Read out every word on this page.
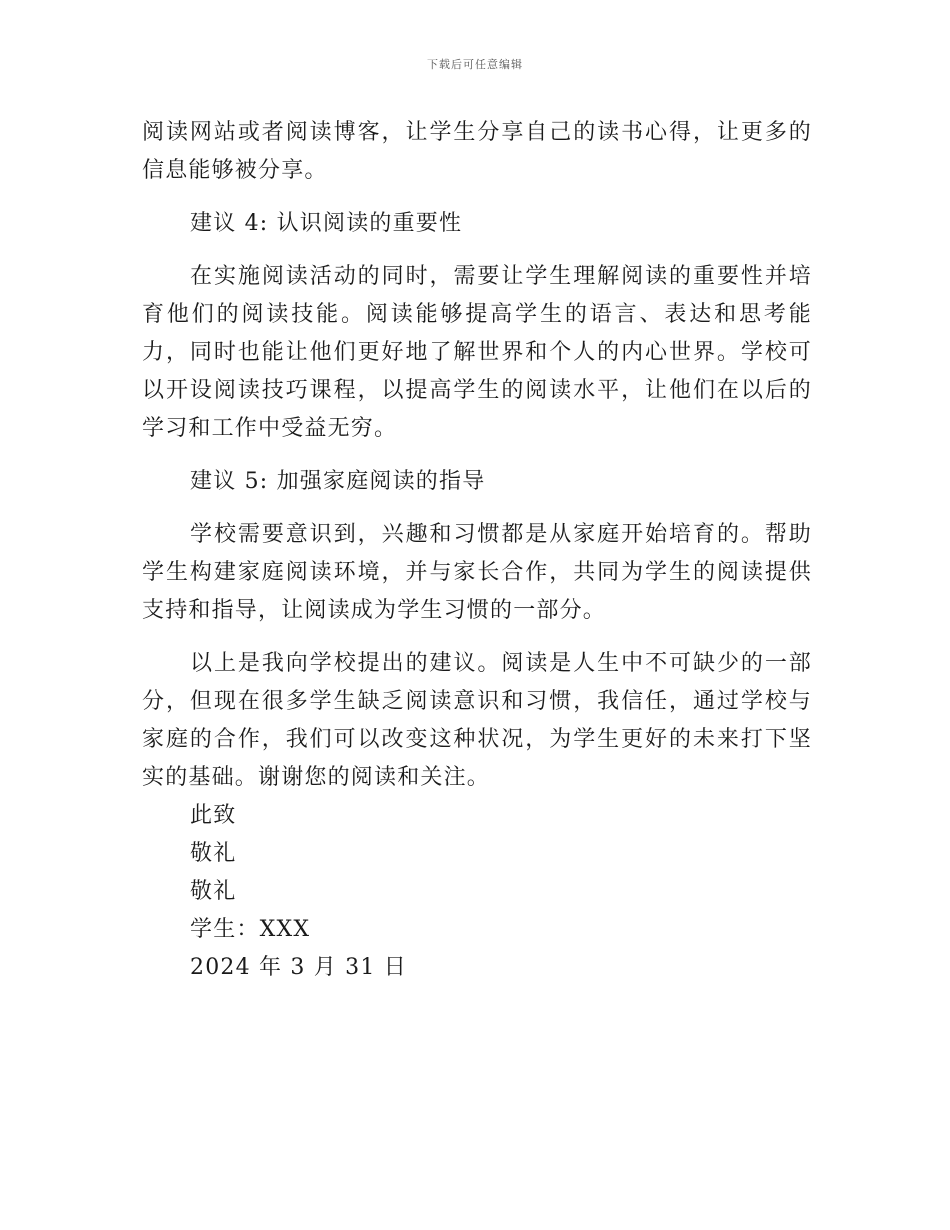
下载后可任意编辑

阅读网站或者阅读博客，让学生分享自己的读书心得，让更多的信息能够被分享。

建议 4: 认识阅读的重要性

在实施阅读活动的同时，需要让学生理解阅读的重要性并培育他们的阅读技能。阅读能够提高学生的语言、表达和思考能力，同时也能让他们更好地了解世界和个人的内心世界。学校可以开设阅读技巧课程，以提高学生的阅读水平，让他们在以后的学习和工作中受益无穷。

建议 5: 加强家庭阅读的指导

学校需要意识到，兴趣和习惯都是从家庭开始培育的。帮助学生构建家庭阅读环境，并与家长合作，共同为学生的阅读提供支持和指导，让阅读成为学生习惯的一部分。

以上是我向学校提出的建议。阅读是人生中不可缺少的一部分，但现在很多学生缺乏阅读意识和习惯，我信任，通过学校与家庭的合作，我们可以改变这种状况，为学生更好的未来打下坚实的基础。谢谢您的阅读和关注。

此致

敬礼

敬礼

学生：XXX

2024 年 3 月 31 日
